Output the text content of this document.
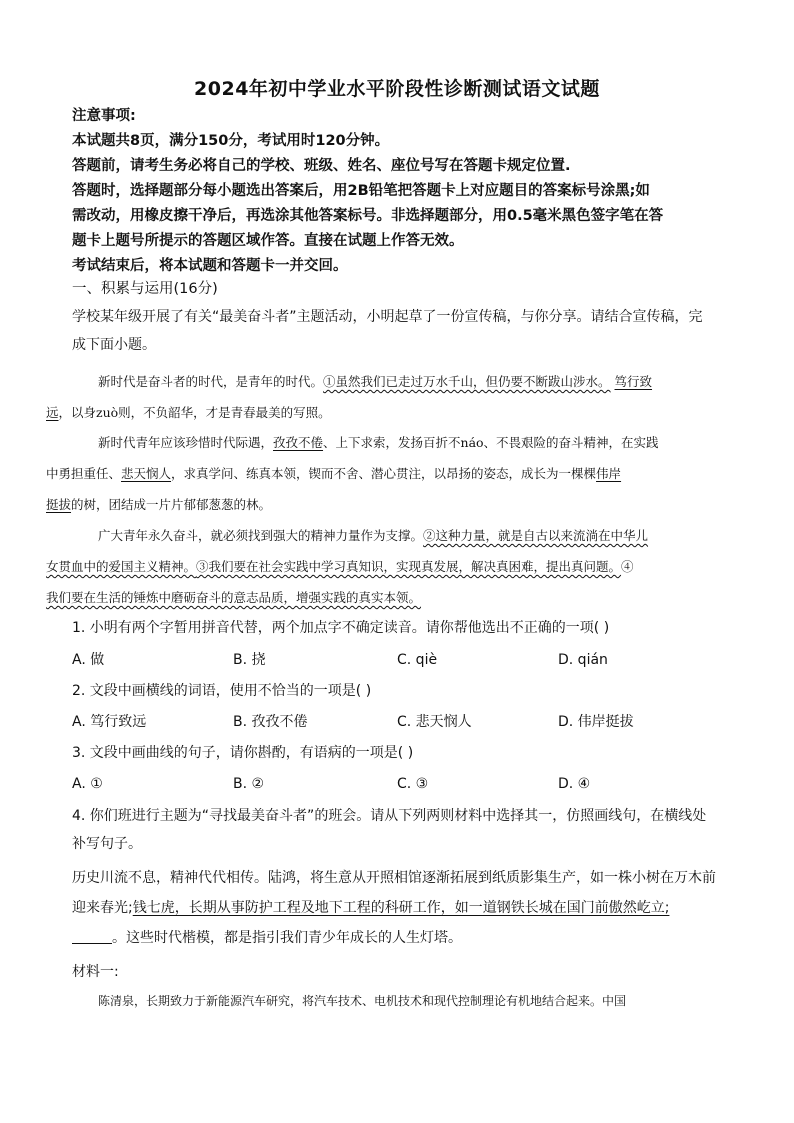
2024年初中学业水平阶段性诊断测试语文试题
注意事项:
本试题共8页，满分150分，考试用时120分钟。
答题前，请考生务必将自己的学校、班级、姓名、座位号写在答题卡规定位置.
答题时，选择题部分每小题选出答案后，用2B铅笔把答题卡上对应题目的答案标号涂黑;如
需改动，用橡皮擦干净后，再选涂其他答案标号。非选择题部分，用0.5毫米黑色签字笔在答
题卡上题号所提示的答题区域作答。直接在试题上作答无效。
考试结束后，将本试题和答题卡一并交回。
一、积累与运用(16分)
学校某年级开展了有关“最美奋斗者”主题活动，小明起草了一份宣传稿，与你分享。请结合宣传稿，完
成下面小题。
新时代是奋斗者的时代，是青年的时代。①虽然我们已走过万水千山，但仍要不断跋山涉水。 笃行致
远，以身zuò则，不负韶华，才是青春最美的写照。
新时代青年应该珍惜时代际遇，孜孜不倦、上下求索，发扬百折不náo、不畏艰险的奋斗精神，在实践
中勇担重任、悲天悯人，求真学问、练真本领，锲而不舍、潜心贯注，以昂扬的姿态，成长为一棵棵伟岸
挺拔的树，团结成一片片郁郁葱葱的林。
广大青年永久奋斗，就必须找到强大的精神力量作为支撑。②这种力量，就是自古以来流淌在中华儿
女贯血中的爱国主义精神。③我们要在社会实践中学习真知识，实现真发展，解决真困难，提出真问题。④
我们要在生活的锤炼中磨砺奋斗的意志品质，增强实践的真实本领。
1. 小明有两个字暂用拼音代替，两个加点字不确定读音。请你帮他选出不正确的一项( )
A. 做	B. 挠	C. qiè	D. qián
2. 文段中画横线的词语，使用不恰当的一项是( )
A. 笃行致远	B. 孜孜不倦	C. 悲天悯人	D. 伟岸挺拔
3. 文段中画曲线的句子，请你斟酌，有语病的一项是( )
A. ①	B. ②	C. ③	D. ④
4. 你们班进行主题为“寻找最美奋斗者”的班会。请从下列两则材料中选择其一，仿照画线句，在横线处
补写句子。
历史川流不息，精神代代相传。陆鸿，将生意从开照相馆逐渐拓展到纸质影集生产，如一株小树在万木前
迎来春光;钱七虎，长期从事防护工程及地下工程的科研工作，如一道钢铁长城在国门前傲然屹立;
。这些时代楷模，都是指引我们青少年成长的人生灯塔。
材料一:
陈清泉，长期致力于新能源汽车研究，将汽车技术、电机技术和现代控制理论有机地结合起来。中国
